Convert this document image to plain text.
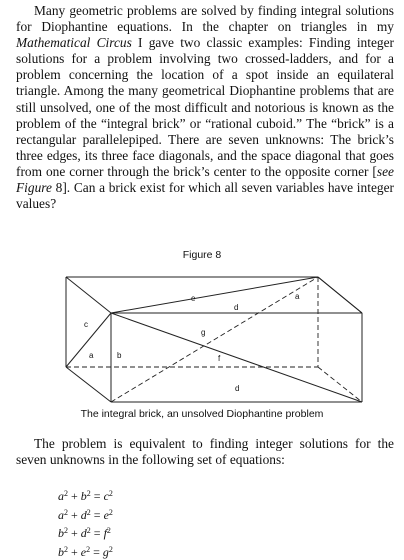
Many geometric problems are solved by finding integral solutions for Diophantine equations. In the chapter on triangles in my Mathematical Circus I gave two classic examples: Finding integer solutions for a problem involving two crossed-ladders, and for a problem concerning the location of a spot inside an equilateral triangle. Among the many geometrical Diophantine problems that are still unsolved, one of the most difficult and notorious is known as the problem of the “integral brick” or “rational cuboid.” The “brick” is a rectangular parallelepiped. There are seven unknowns: The brick’s three edges, its three face diagonals, and the space diagonal that goes from one corner through the brick’s center to the opposite corner [see Figure 8]. Can a brick exist for which all seven variables have integer values?

Figure 8
a
a
b
c
d
d
e
f
g
The integral brick, an unsolved Diophantine problem

The problem is equivalent to finding integer solutions for the seven unknowns in the following set of equations:

$a^2 + b^2 = c^2$
$a^2 + d^2 = e^2$
$b^2 + d^2 = f^2$
$b^2 + e^2 = g^2$
